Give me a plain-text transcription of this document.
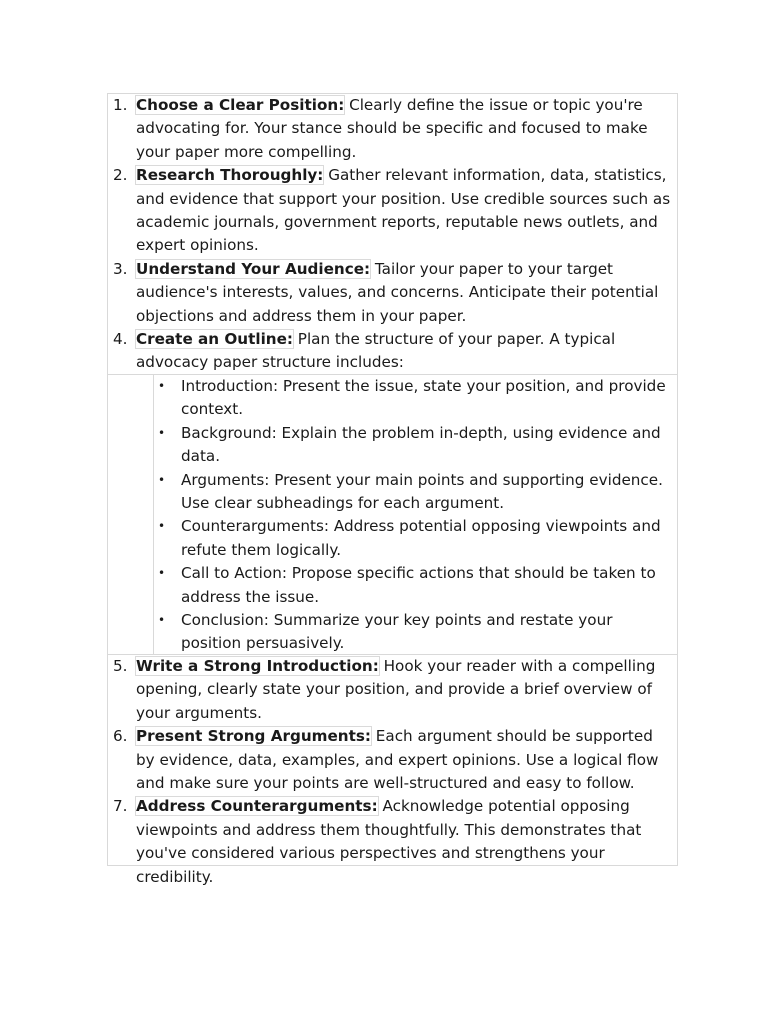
1. Choose a Clear Position: Clearly define the issue or topic you're advocating for. Your stance should be specific and focused to make your paper more compelling.
2. Research Thoroughly: Gather relevant information, data, statistics, and evidence that support your position. Use credible sources such as academic journals, government reports, reputable news outlets, and expert opinions.
3. Understand Your Audience: Tailor your paper to your target audience's interests, values, and concerns. Anticipate their potential objections and address them in your paper.
4. Create an Outline: Plan the structure of your paper. A typical advocacy paper structure includes:
• Introduction: Present the issue, state your position, and provide context.
• Background: Explain the problem in-depth, using evidence and data.
• Arguments: Present your main points and supporting evidence. Use clear subheadings for each argument.
• Counterarguments: Address potential opposing viewpoints and refute them logically.
• Call to Action: Propose specific actions that should be taken to address the issue.
• Conclusion: Summarize your key points and restate your position persuasively.
5. Write a Strong Introduction: Hook your reader with a compelling opening, clearly state your position, and provide a brief overview of your arguments.
6. Present Strong Arguments: Each argument should be supported by evidence, data, examples, and expert opinions. Use a logical flow and make sure your points are well-structured and easy to follow.
7. Address Counterarguments: Acknowledge potential opposing viewpoints and address them thoughtfully. This demonstrates that you've considered various perspectives and strengthens your credibility.
